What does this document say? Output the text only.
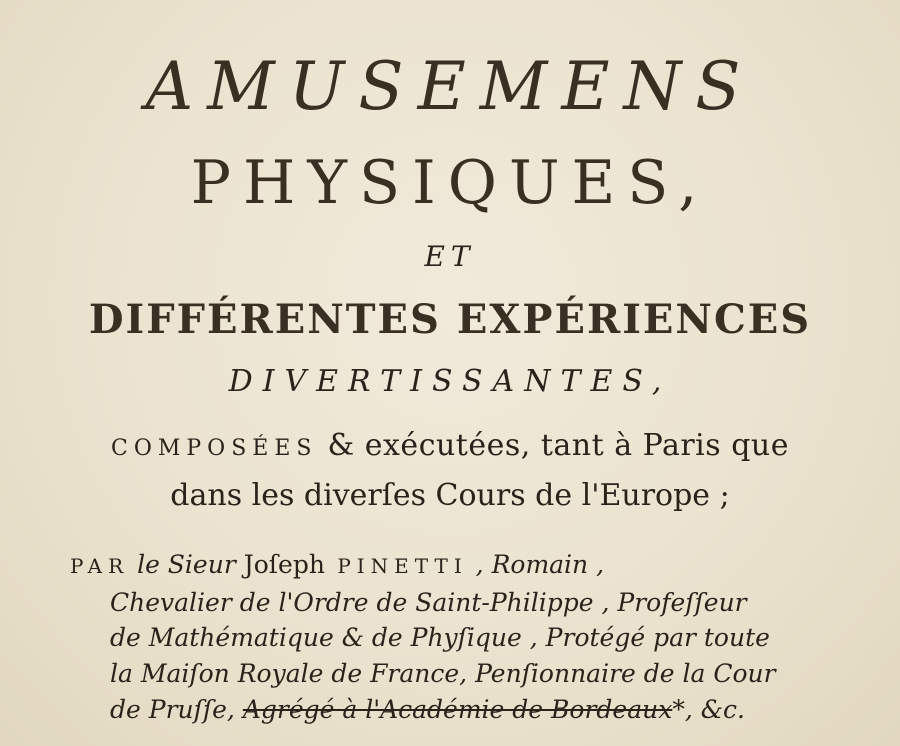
AMUSEMENS
PHYSIQUES,
ET
DIFFÉRENTES EXPÉRIENCES
DIVERTISSANTES,
COMPOSÉES & exécutées, tant à Paris que
dans les diverſes Cours de l'Europe ;
PAR le Sieur Joſeph PINETTI , Romain ,
Chevalier de l'Ordre de Saint-Philippe , Profeſſeur
de Mathématique & de Phyſique , Protégé par toute
la Maiſon Royale de France, Penſionnaire de la Cour
de Pruſſe, Agrégé à l'Académie de Bordeaux*, &c.
